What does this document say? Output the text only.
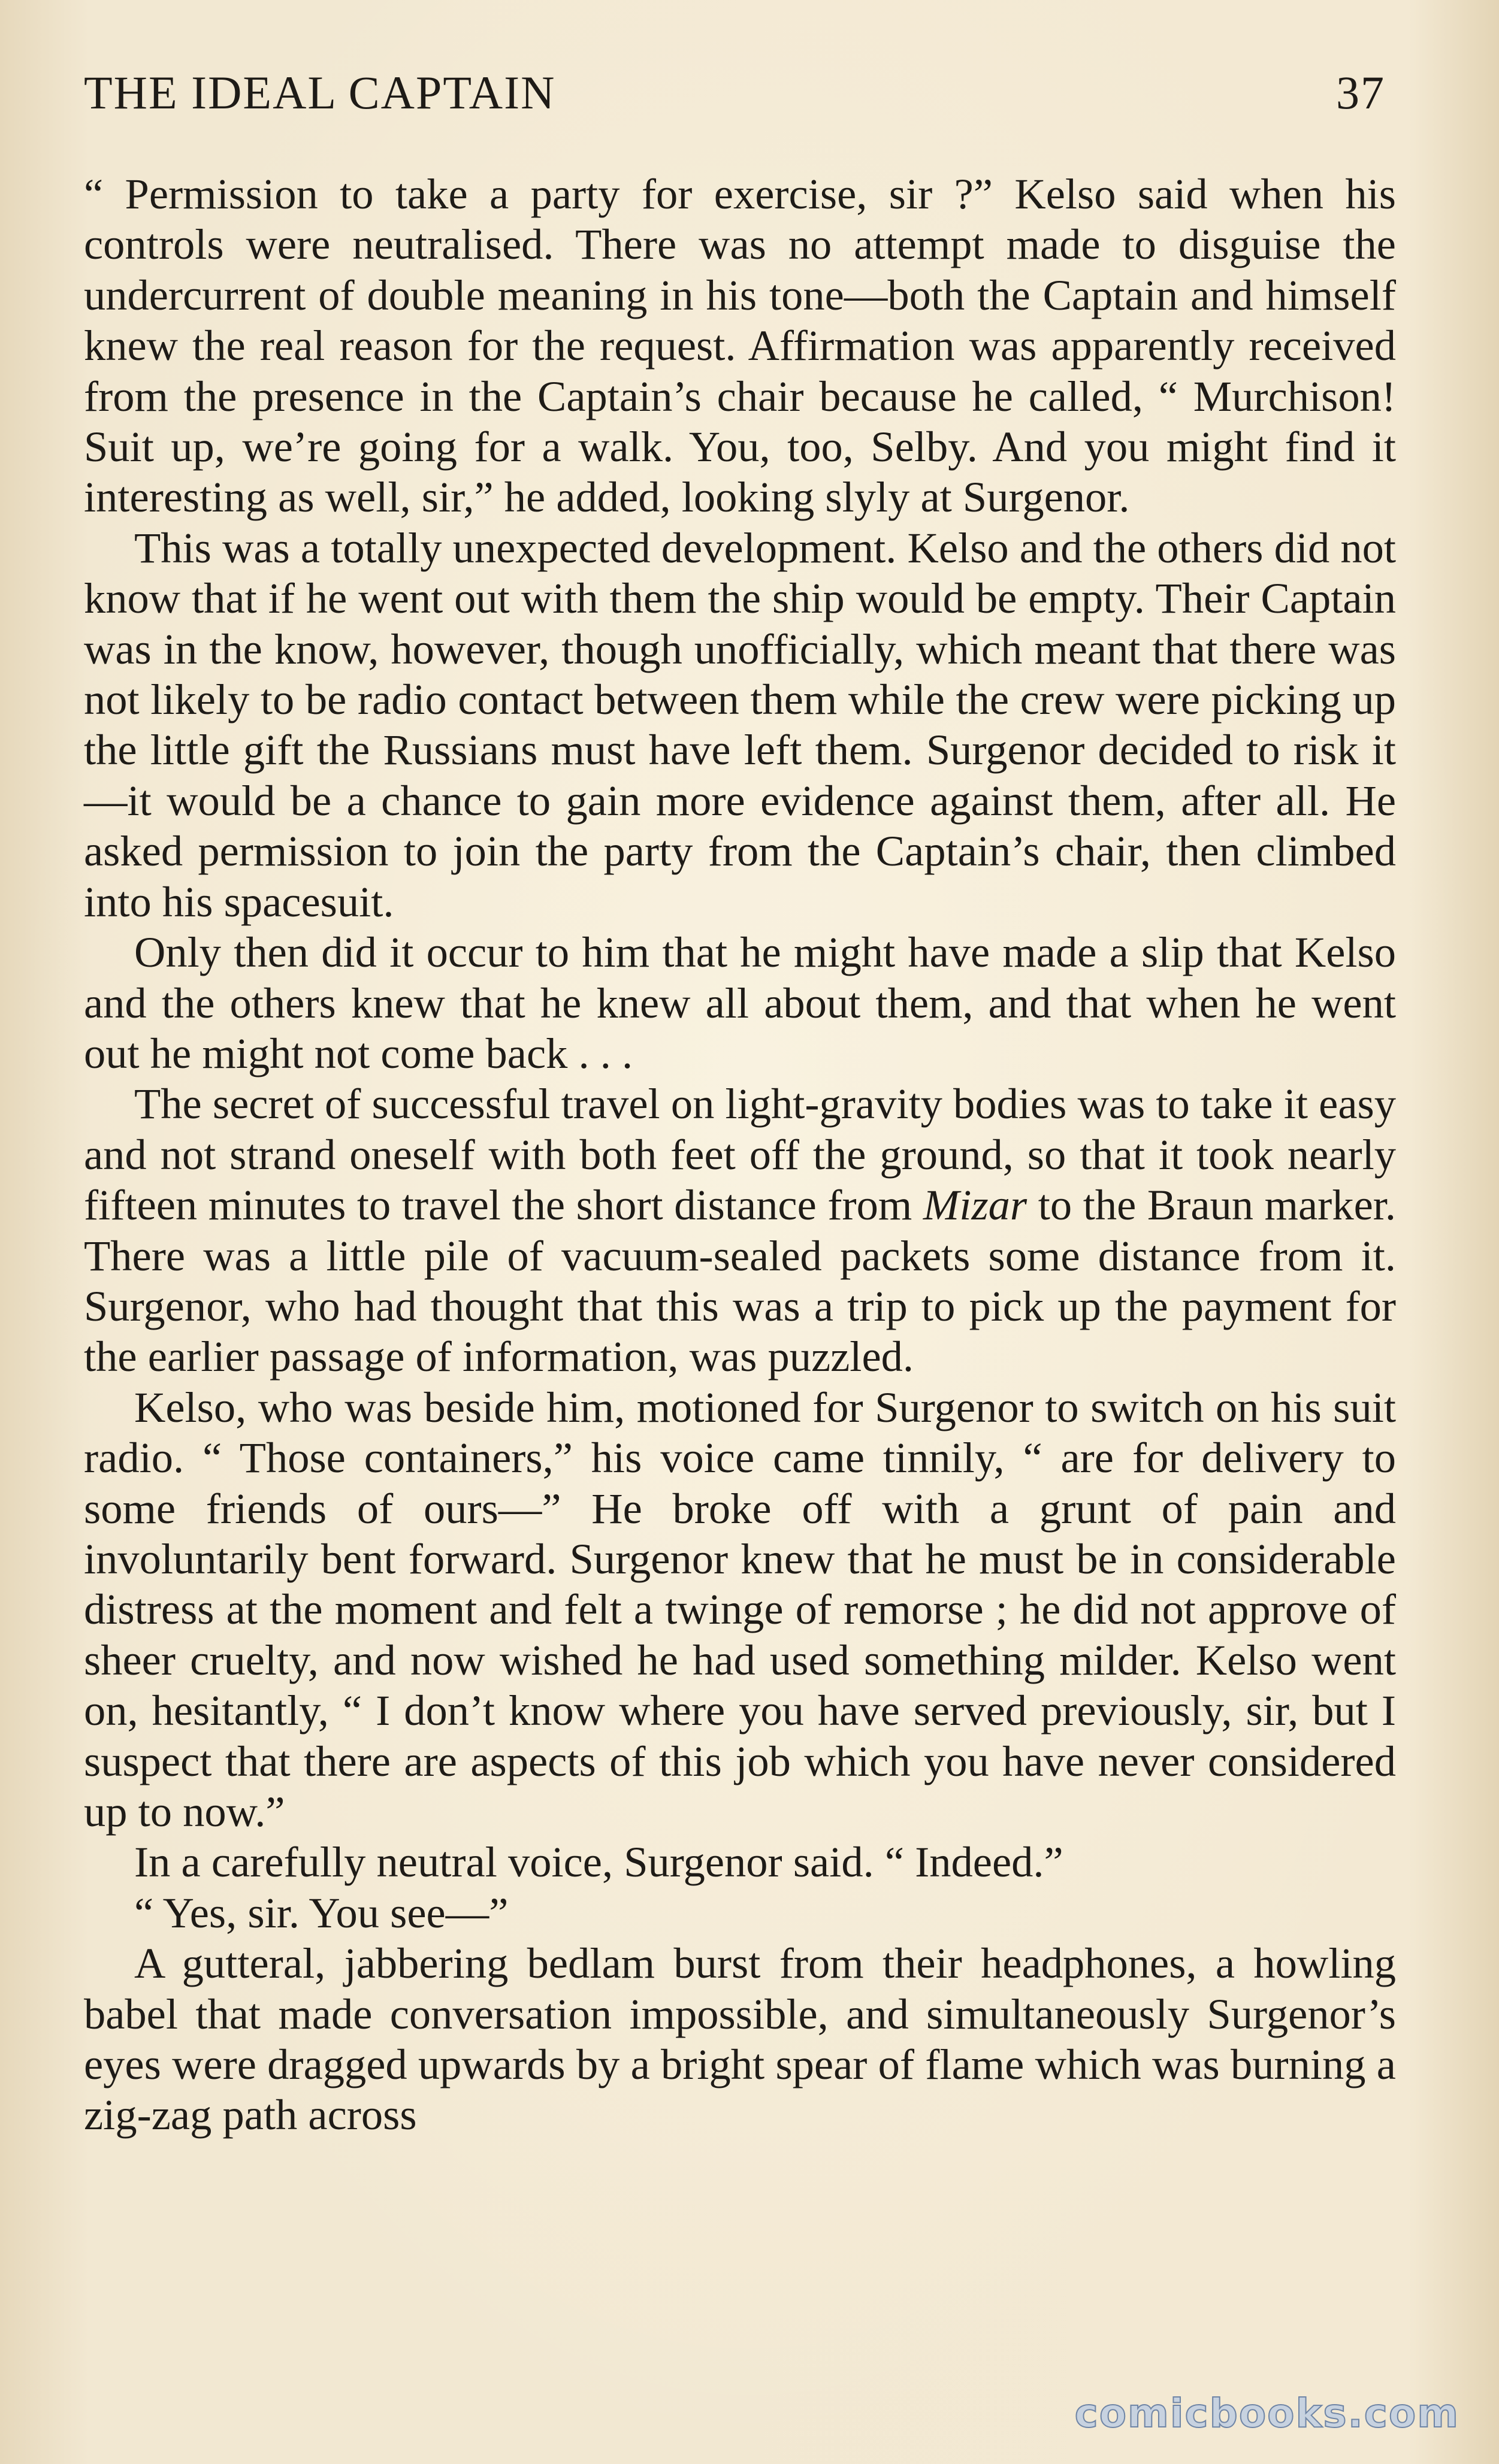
THE IDEAL CAPTAIN	37

“ Permission to take a party for exercise, sir ?” Kelso said when his controls were neutralised. There was no attempt made to disguise the undercurrent of double meaning in his tone—both the Captain and himself knew the real reason for the request. Affirmation was apparently received from the presence in the Captain’s chair because he called, “ Murchison! Suit up, we’re going for a walk. You, too, Selby. And you might find it interesting as well, sir,” he added, looking slyly at Surgenor.

This was a totally unexpected development. Kelso and the others did not know that if he went out with them the ship would be empty. Their Captain was in the know, however, though unofficially, which meant that there was not likely to be radio contact between them while the crew were picking up the little gift the Russians must have left them. Surgenor decided to risk it—it would be a chance to gain more evidence against them, after all. He asked permission to join the party from the Captain’s chair, then climbed into his spacesuit.

Only then did it occur to him that he might have made a slip that Kelso and the others knew that he knew all about them, and that when he went out he might not come back . . .

The secret of successful travel on light-gravity bodies was to take it easy and not strand oneself with both feet off the ground, so that it took nearly fifteen minutes to travel the short distance from Mizar to the Braun marker. There was a little pile of vacuum-sealed packets some distance from it. Surgenor, who had thought that this was a trip to pick up the payment for the earlier passage of information, was puzzled.

Kelso, who was beside him, motioned for Surgenor to switch on his suit radio. “ Those containers,” his voice came tinnily, “ are for delivery to some friends of ours—” He broke off with a grunt of pain and involuntarily bent forward. Surgenor knew that he must be in considerable distress at the moment and felt a twinge of remorse ; he did not approve of sheer cruelty, and now wished he had used something milder. Kelso went on, hesitantly, “ I don’t know where you have served previously, sir, but I suspect that there are aspects of this job which you have never considered up to now.”

In a carefully neutral voice, Surgenor said. “ Indeed.”

“ Yes, sir. You see—”

A gutteral, jabbering bedlam burst from their headphones, a howling babel that made conversation impossible, and simultaneously Surgenor’s eyes were dragged upwards by a bright spear of flame which was burning a zig-zag path across

comicbooks.com
